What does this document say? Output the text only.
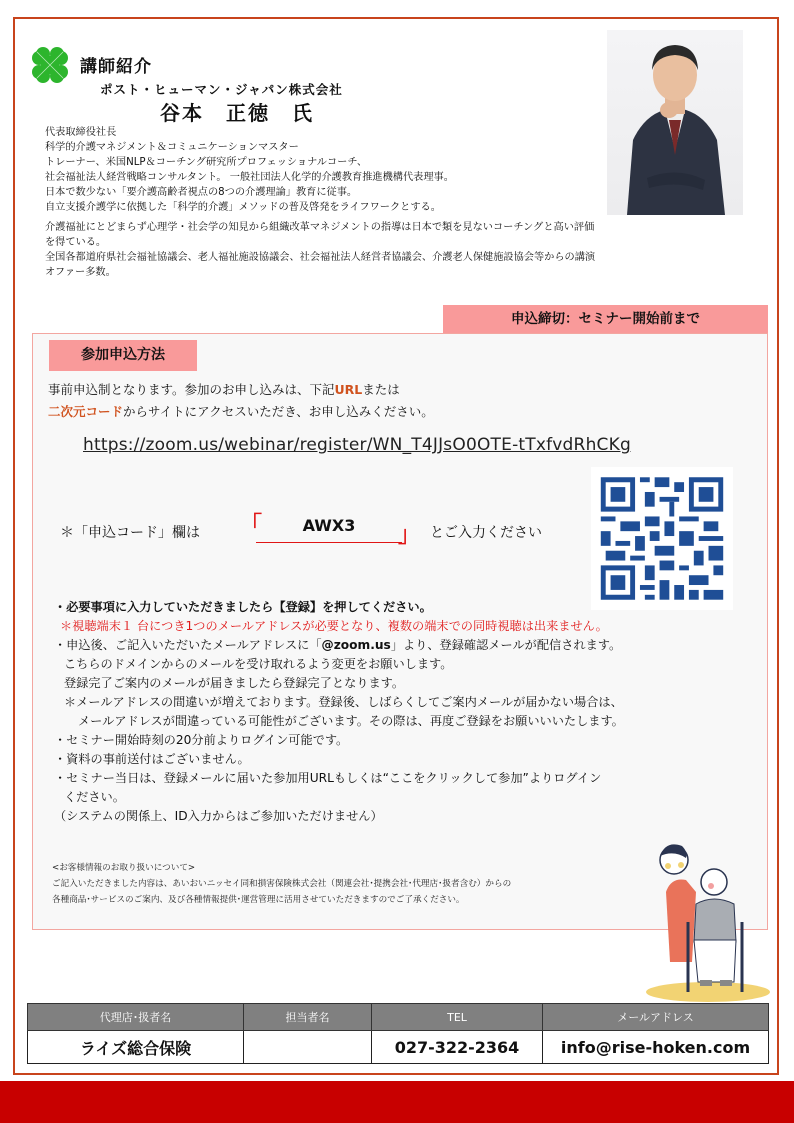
講師紹介
ポスト・ヒューマン・ジャパン株式会社
谷本　正徳　氏
代表取締役社長
科学的介護マネジメント＆コミュニケーションマスター
トレーナー、米国NLP＆コーチング研究所プロフェッショナルコーチ、
社会福祉法人経営戦略コンサルタント。 一般社団法人化学的介護教育推進機構代表理事。
日本で数少ない「要介護高齢者視点の8つの介護理論」教育に従事。
自立支援介護学に依拠した「科学的介護」メソッドの普及啓発をライフワークとする。
介護福祉にとどまらず心理学・社会学の知見から組織改革マネジメントの指導は日本で類を見ないコーチングと高い評価
を得ている。
全国各都道府県社会福祉協議会、老人福祉施設協議会、社会福祉法人経営者協議会、介護老人保健施設協会等からの講演
オファー多数。
申込締切：セミナー開始前まで
参加申込方法
事前申込制となります。参加のお申し込みは、下記URLまたは
二次元コードからサイトにアクセスいただき、お申し込みください。
https://zoom.us/webinar/register/WN_T4JJsO0OTE-tTxfvdRhCKg
＊「申込コード」欄は 「	AWX3	」 とご入力ください
・必要事項に入力していただきましたら【登録】を押してください。
＊視聴端末１ 台につき1つのメールアドレスが必要となり、複数の端末での同時視聴は出来ません。
・申込後、ご記入いただいたメールアドレスに「@zoom.us」より、登録確認メールが配信されます。
こちらのドメインからのメールを受け取れるよう変更をお願いします。
登録完了ご案内のメールが届きましたら登録完了となります。
＊メールアドレスの間違いが増えております。登録後、しばらくしてご案内メールが届かない場合は、
メールアドレスが間違っている可能性がございます。その際は、再度ご登録をお願いいいたします。
・セミナー開始時刻の20分前よりログイン可能です。
・資料の事前送付はございません。
・セミナー当日は、登録メールに届いた参加用URLもしくは“ここをクリックして参加”よりログイン
ください。
（システムの関係上、ID入力からはご参加いただけません）
<お客様情報のお取り扱いについて>
ご記入いただきました内容は、あいおいニッセイ同和損害保険株式会社（関連会社･提携会社･代理店･扱者含む）からの
各種商品･サービスのご案内、及び各種情報提供･運営管理に活用させていただきますのでご了承ください。
代理店･扱者名	担当者名	TEL	メールアドレス
ライズ総合保険		027-322-2364	info@rise-hoken.com
